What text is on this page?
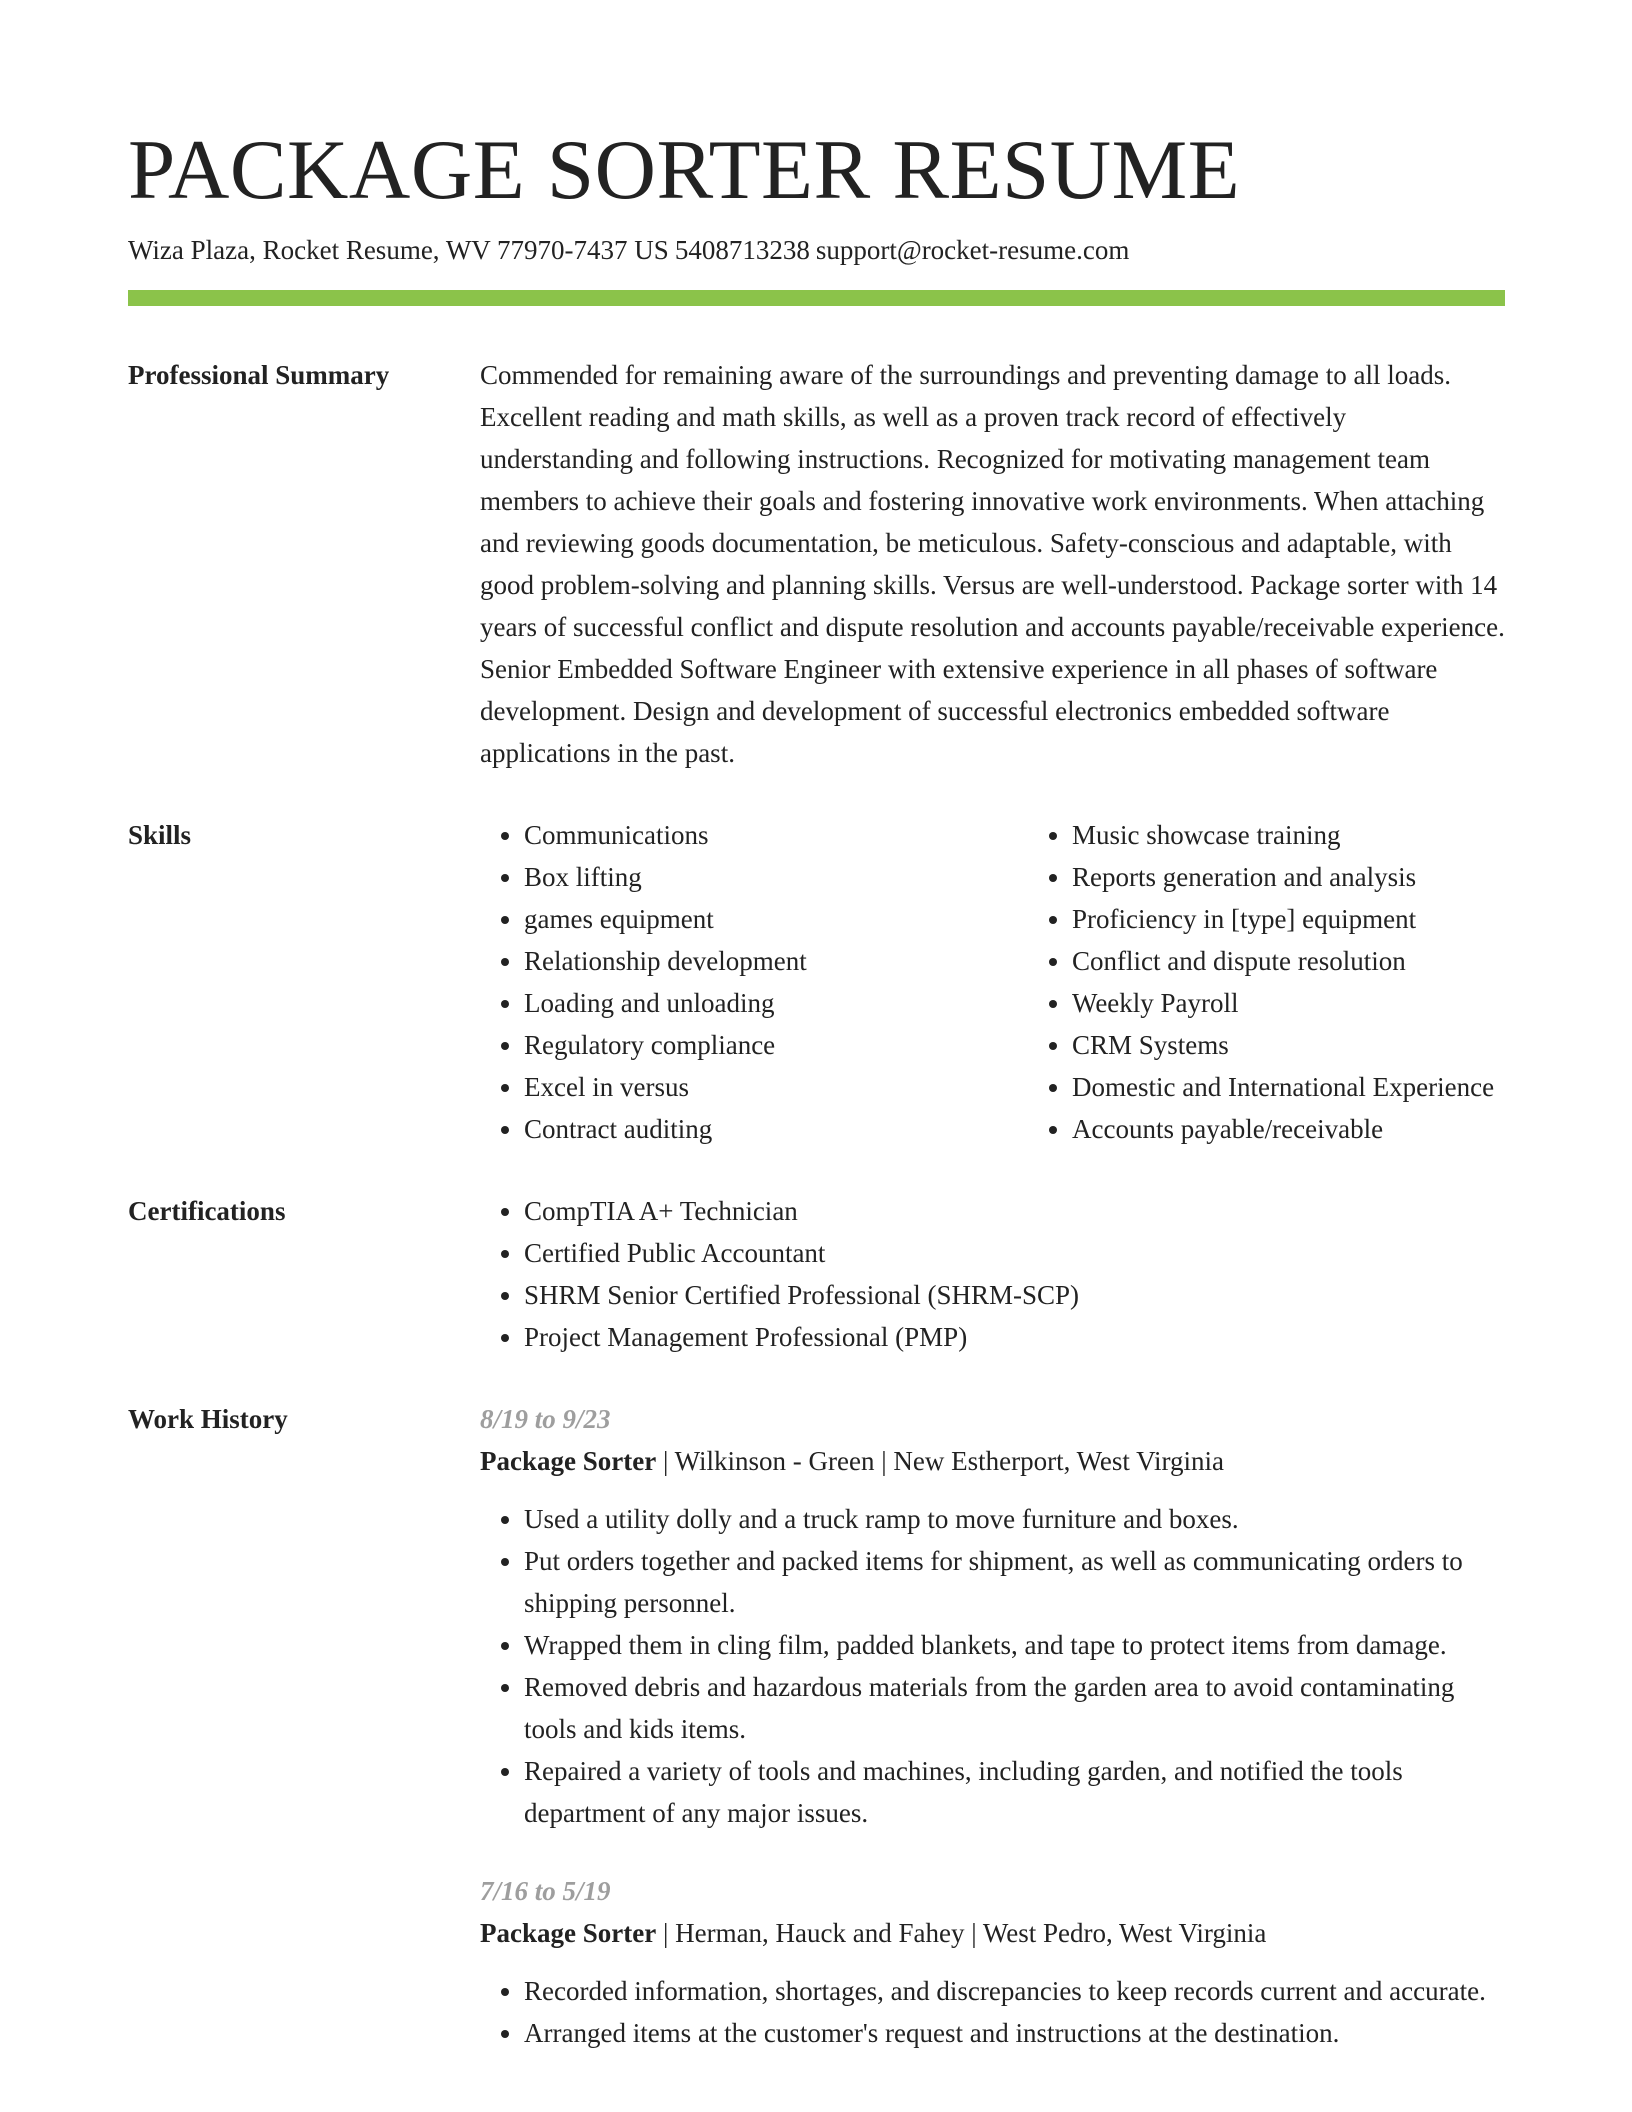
PACKAGE SORTER RESUME
Wiza Plaza, Rocket Resume, WV 77970-7437 US 5408713238 support@rocket-resume.com
Professional Summary	Commended for remaining aware of the surroundings and preventing damage to all loads. Excellent reading and math skills, as well as a proven track record of effectively understanding and following instructions. Recognized for motivating management team members to achieve their goals and fostering innovative work environments. When attaching and reviewing goods documentation, be meticulous. Safety-conscious and adaptable, with good problem-solving and planning skills. Versus are well-understood. Package sorter with 14 years of successful conflict and dispute resolution and accounts payable/receivable experience. Senior Embedded Software Engineer with extensive experience in all phases of software development. Design and development of successful electronics embedded software applications in the past.

Skills	• Communications
• Box lifting
• games equipment
• Relationship development
• Loading and unloading
• Regulatory compliance
• Excel in versus
• Contract auditing
• Music showcase training
• Reports generation and analysis
• Proficiency in [type] equipment
• Conflict and dispute resolution
• Weekly Payroll
• CRM Systems
• Domestic and International Experience
• Accounts payable/receivable
Certifications	• CompTIA A+ Technician
• Certified Public Accountant
• SHRM Senior Certified Professional (SHRM-SCP)
• Project Management Professional (PMP)
Work History	8/19 to 9/23
Package Sorter | Wilkinson - Green | New Estherport, West Virginia
• Used a utility dolly and a truck ramp to move furniture and boxes.
• Put orders together and packed items for shipment, as well as communicating orders to shipping personnel.
• Wrapped them in cling film, padded blankets, and tape to protect items from damage.
• Removed debris and hazardous materials from the garden area to avoid contaminating tools and kids items.
• Repaired a variety of tools and machines, including garden, and notified the tools department of any major issues.
7/16 to 5/19
Package Sorter | Herman, Hauck and Fahey | West Pedro, West Virginia
• Recorded information, shortages, and discrepancies to keep records current and accurate.
• Arranged items at the customer's request and instructions at the destination.
